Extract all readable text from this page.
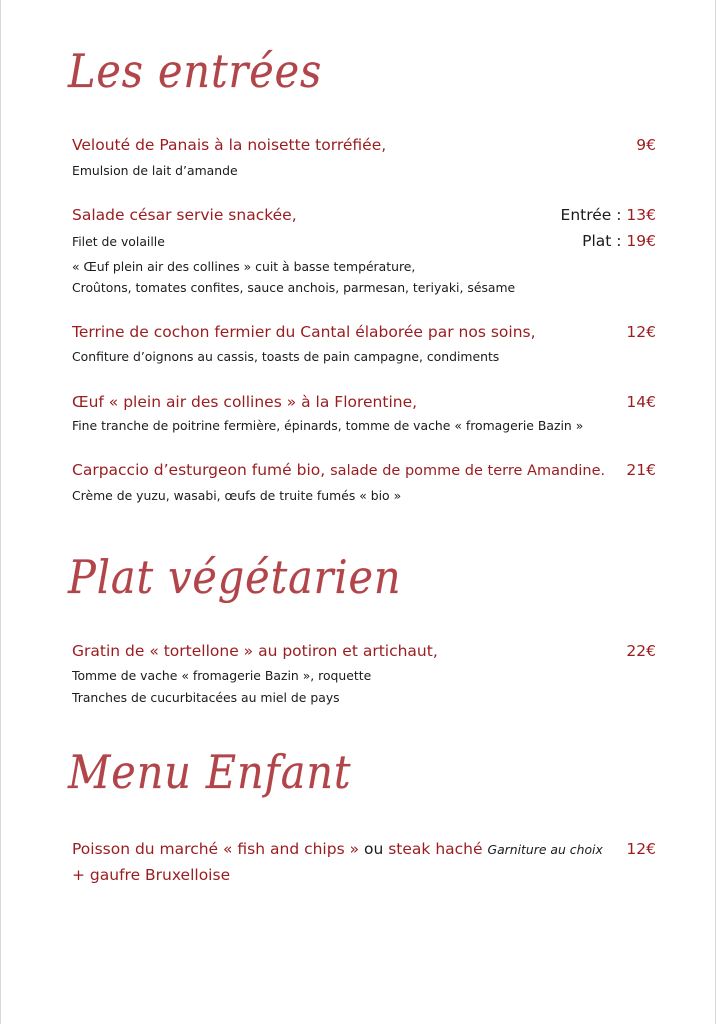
Les entrées
Velouté de Panais à la noisette torréfiée,	9€
Emulsion de lait d’amande
Salade césar servie snackée,	Entrée : 13€
Filet de volaille	Plat : 19€
« Œuf plein air des collines » cuit à basse température,
Croûtons, tomates confites, sauce anchois, parmesan, teriyaki, sésame
Terrine de cochon fermier du Cantal élaborée par nos soins,	12€
Confiture d’oignons au cassis, toasts de pain campagne, condiments
Œuf « plein air des collines » à la Florentine,	14€
Fine tranche de poitrine fermière, épinards, tomme de vache « fromagerie Bazin »
Carpaccio d’esturgeon fumé bio, salade de pomme de terre Amandine. 21€
Crème de yuzu, wasabi, œufs de truite fumés « bio »
Plat végétarien
Gratin de « tortellone » au potiron et artichaut,	22€
Tomme de vache « fromagerie Bazin », roquette
Tranches de cucurbitacées au miel de pays
Menu Enfant
Poisson du marché « fish and chips » ou steak haché Garniture au choix 12€
+ gaufre Bruxelloise
